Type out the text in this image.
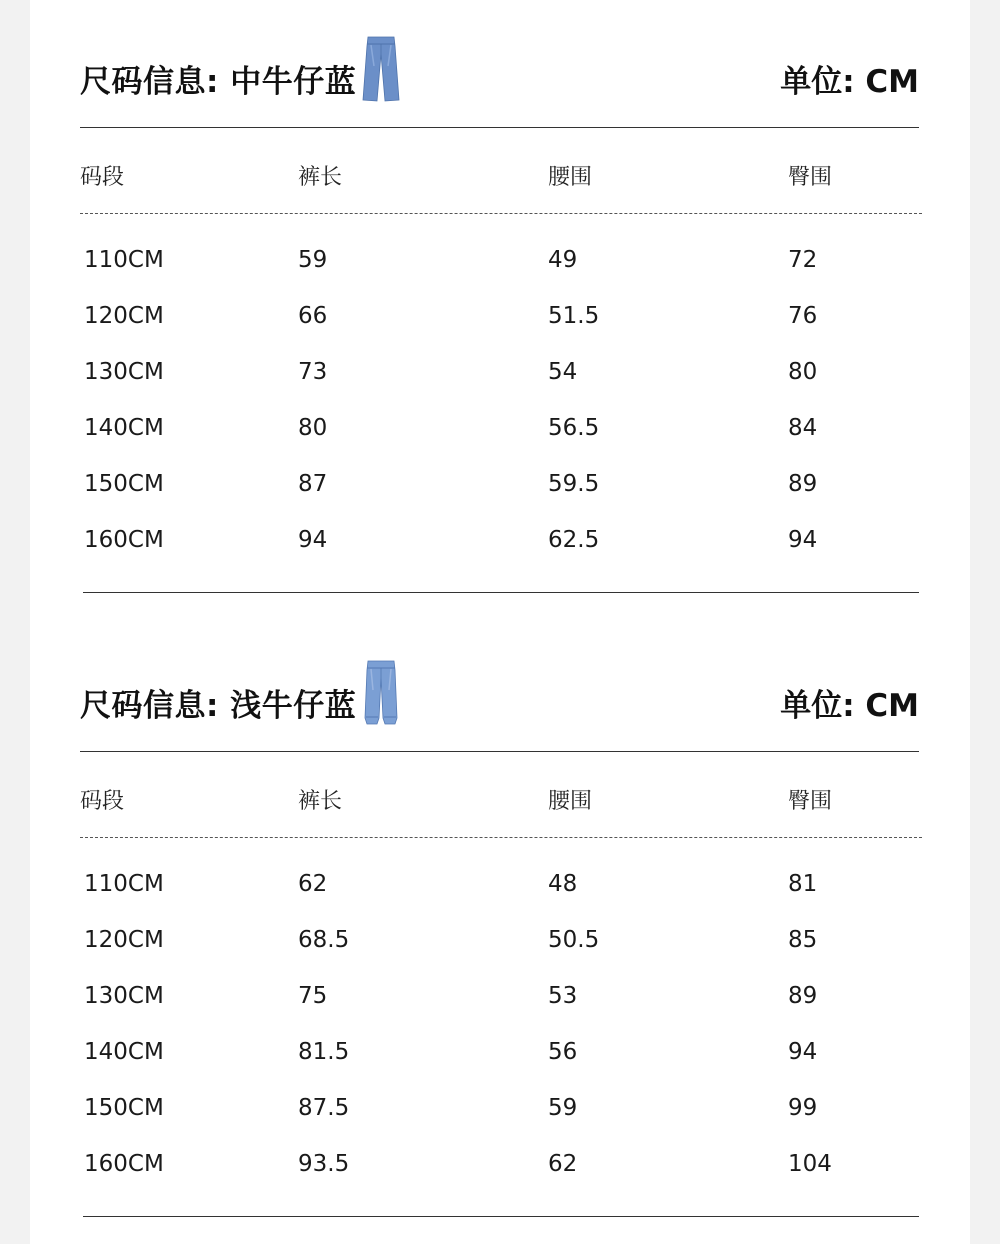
尺码信息: 中牛仔蓝	单位: CM
码段	裤长	腰围	臀围
110CM	59	49	72
120CM	66	51.5	76
130CM	73	54	80
140CM	80	56.5	84
150CM	87	59.5	89
160CM	94	62.5	94
尺码信息: 浅牛仔蓝	单位: CM
码段	裤长	腰围	臀围
110CM	62	48	81
120CM	68.5	50.5	85
130CM	75	53	89
140CM	81.5	56	94
150CM	87.5	59	99
160CM	93.5	62	104
